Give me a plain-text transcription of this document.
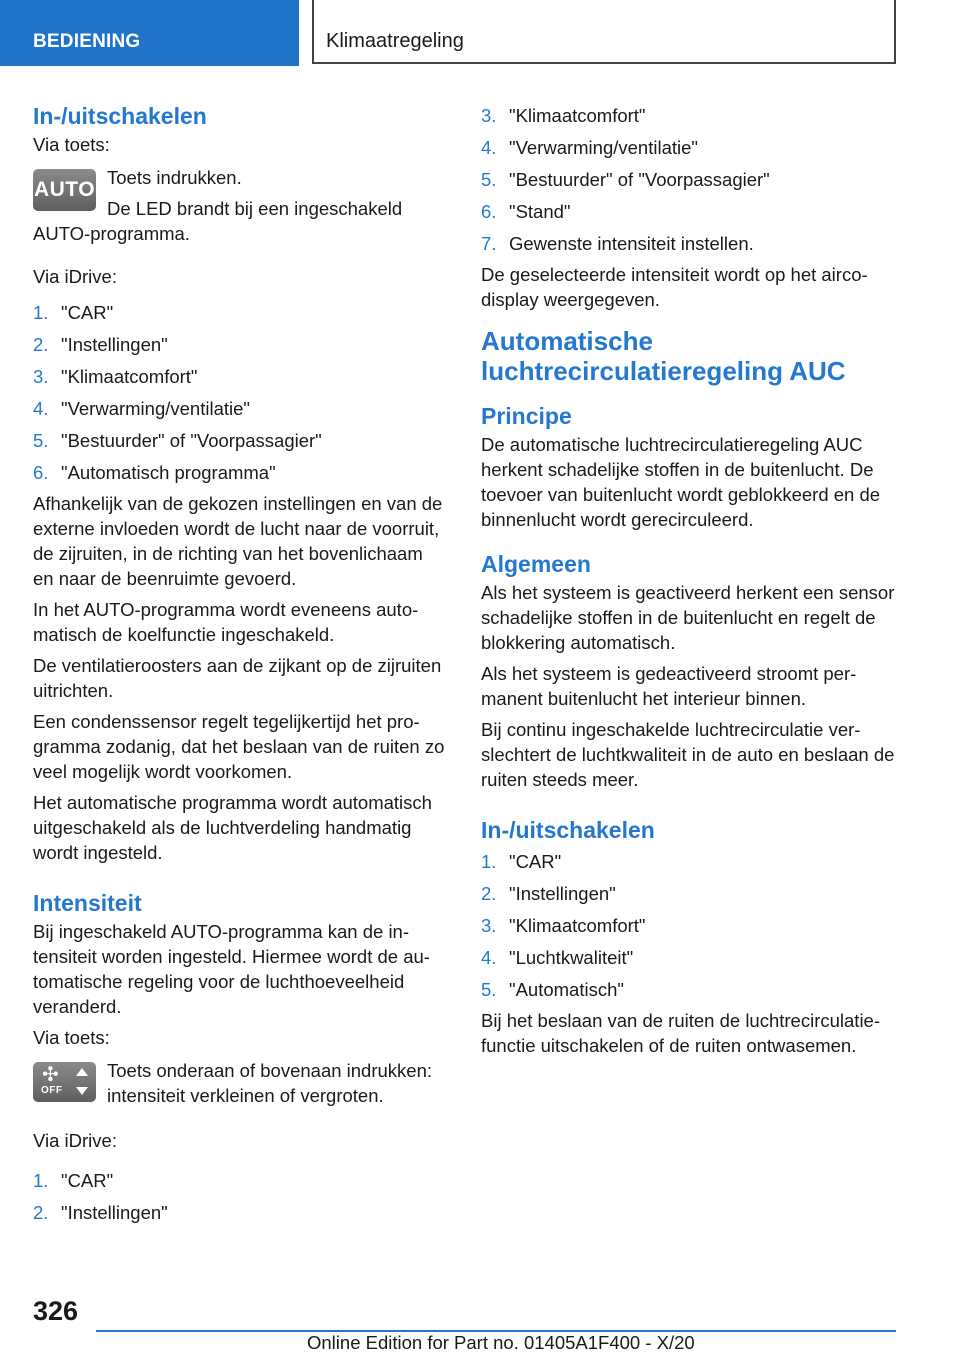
BEDIENING	Klimaatregeling
In-/uitschakelen

Via toets:

AUTO

Toets indrukken.

De LED brandt bij een ingeschakeld AUTO-programma.

Via iDrive:

1. "CAR"
2. "Instellingen"
3. "Klimaatcomfort"
4. "Verwarming/ventilatie"
5. "Bestuurder" of "Voorpassagier"
6. "Automatisch programma"

Afhankelijk van de gekozen instellingen en van de externe invloeden wordt de lucht naar de voorruit, de zijruiten, in de richting van het bovenlichaam en naar de beenruimte gevoerd.

In het AUTO-programma wordt eveneens automatisch de koelfunctie ingeschakeld.

De ventilatieroosters aan de zijkant op de zijruiten uitrichten.

Een condenssensor regelt tegelijkertijd het programma zodanig, dat het beslaan van de ruiten zo veel mogelijk wordt voorkomen.

Het automatische programma wordt automatisch uitgeschakeld als de luchtverdeling handmatig wordt ingesteld.

Intensiteit

Bij ingeschakeld AUTO-programma kan de intensiteit worden ingesteld. Hiermee wordt de automatische regeling voor de luchthoeveelheid veranderd.

Via toets:

✣
OFF

Toets onderaan of bovenaan indrukken: intensiteit verkleinen of vergroten.

Via iDrive:

1. "CAR"
2. "Instellingen"
3. "Klimaatcomfort"
4. "Verwarming/ventilatie"
5. "Bestuurder" of "Voorpassagier"
6. "Stand"
7. Gewenste intensiteit instellen.

De geselecteerde intensiteit wordt op het aircodisplay weergegeven.

Automatische luchtrecirculatieregeling AUC
Principe

De automatische luchtrecirculatieregeling AUC herkent schadelijke stoffen in de buitenlucht. De toevoer van buitenlucht wordt geblokkeerd en de binnenlucht wordt gerecirculeerd.

Algemeen

Als het systeem is geactiveerd herkent een sensor schadelijke stoffen in de buitenlucht en regelt de blokkering automatisch.

Als het systeem is gedeactiveerd stroomt permanent buitenlucht het interieur binnen.

Bij continu ingeschakelde luchtrecirculatie verslechtert de luchtkwaliteit in de auto en beslaan de ruiten steeds meer.

In-/uitschakelen
1. "CAR"
2. "Instellingen"
3. "Klimaatcomfort"
4. "Luchtkwaliteit"
5. "Automatisch"

Bij het beslaan van de ruiten de luchtrecirculatiefunctie uitschakelen of de ruiten ontwasemen.

326
Online Edition for Part no. 01405A1F400 - X/20
